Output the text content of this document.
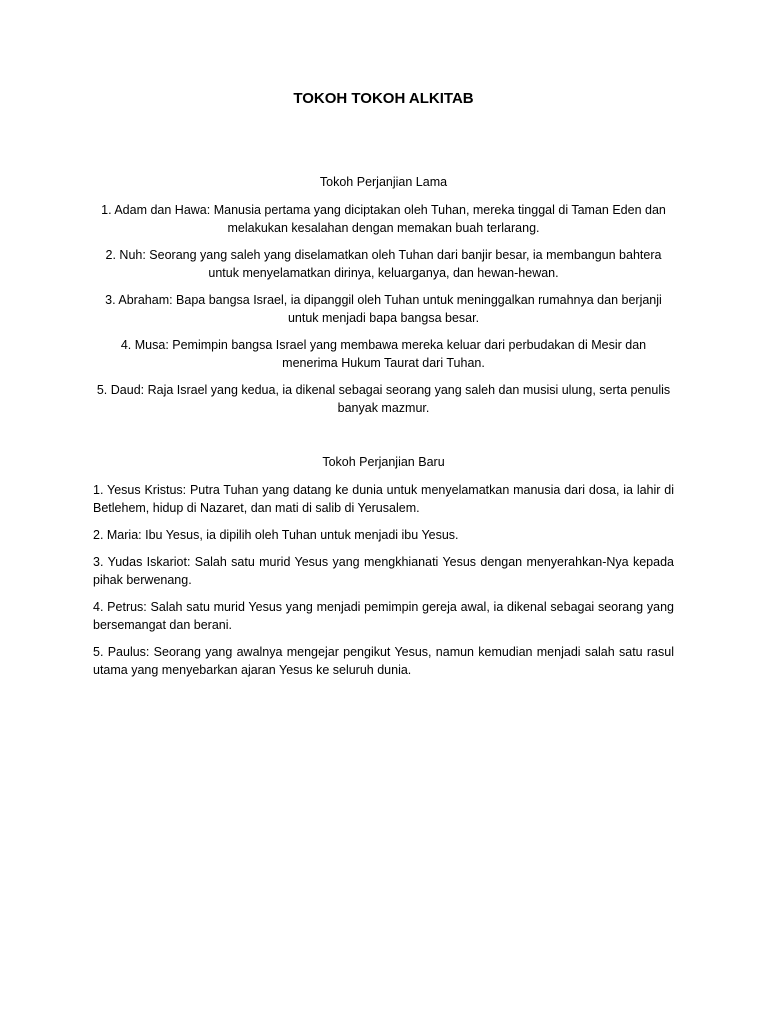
TOKOH TOKOH ALKITAB

Tokoh Perjanjian Lama

1. Adam dan Hawa: Manusia pertama yang diciptakan oleh Tuhan, mereka tinggal di Taman Eden dan melakukan kesalahan dengan memakan buah terlarang.

2. Nuh: Seorang yang saleh yang diselamatkan oleh Tuhan dari banjir besar, ia membangun bahtera untuk menyelamatkan dirinya, keluarganya, dan hewan-hewan.

3. Abraham: Bapa bangsa Israel, ia dipanggil oleh Tuhan untuk meninggalkan rumahnya dan berjanji untuk menjadi bapa bangsa besar.

4. Musa: Pemimpin bangsa Israel yang membawa mereka keluar dari perbudakan di Mesir dan menerima Hukum Taurat dari Tuhan.

5. Daud: Raja Israel yang kedua, ia dikenal sebagai seorang yang saleh dan musisi ulung, serta penulis banyak mazmur.

Tokoh Perjanjian Baru

1. Yesus Kristus: Putra Tuhan yang datang ke dunia untuk menyelamatkan manusia dari dosa, ia lahir di Betlehem, hidup di Nazaret, dan mati di salib di Yerusalem.

2. Maria: Ibu Yesus, ia dipilih oleh Tuhan untuk menjadi ibu Yesus.

3. Yudas Iskariot: Salah satu murid Yesus yang mengkhianati Yesus dengan menyerahkan-Nya kepada pihak berwenang.

4. Petrus: Salah satu murid Yesus yang menjadi pemimpin gereja awal, ia dikenal sebagai seorang yang bersemangat dan berani.

5. Paulus: Seorang yang awalnya mengejar pengikut Yesus, namun kemudian menjadi salah satu rasul utama yang menyebarkan ajaran Yesus ke seluruh dunia.
